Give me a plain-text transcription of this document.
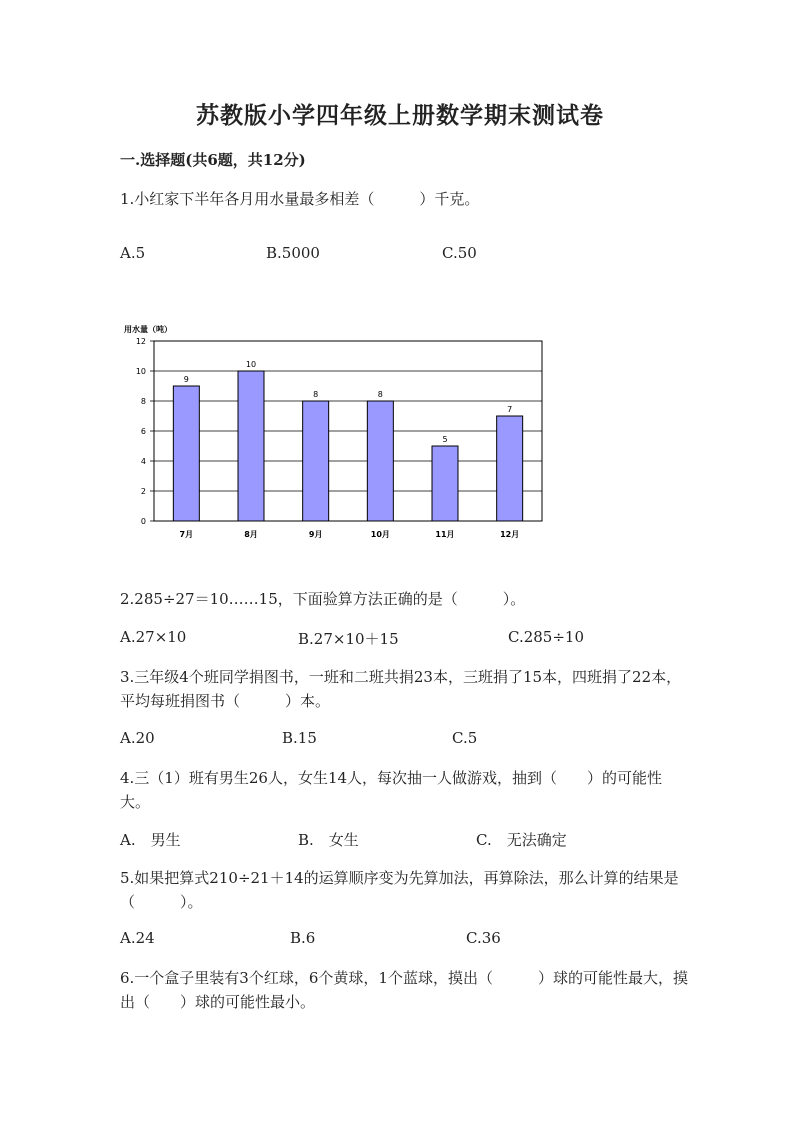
苏教版小学四年级上册数学期末测试卷
一.选择题(共6题，共12分)
1.小红家下半年各月用水量最多相差（　　　）千克。
A.5	B.5000	C.50
用水量（吨）
0
2
4
6
8
10
12
9
10
8	8
5
7
7月	8月	9月	10月	11月	12月
2.285÷27＝10……15，下面验算方法正确的是（　　　）。
A.27×10	B.27×10＋15	C.285÷10
3.三年级4个班同学捐图书，一班和二班共捐23本，三班捐了15本，四班捐了22本，平均每班捐图书（　　　）本。
A.20	B.15	C.5
4.三（1）班有男生26人，女生14人，每次抽一人做游戏，抽到（　　）的可能性大。
A.　男生	B.　女生	C.　无法确定
5.如果把算式210÷21＋14的运算顺序变为先算加法，再算除法，那么计算的结果是（　　　）。
A.24	B.6	C.36
6.一个盒子里装有3个红球，6个黄球，1个蓝球，摸出（　　　）球的可能性最大，摸出（　　）球的可能性最小。
